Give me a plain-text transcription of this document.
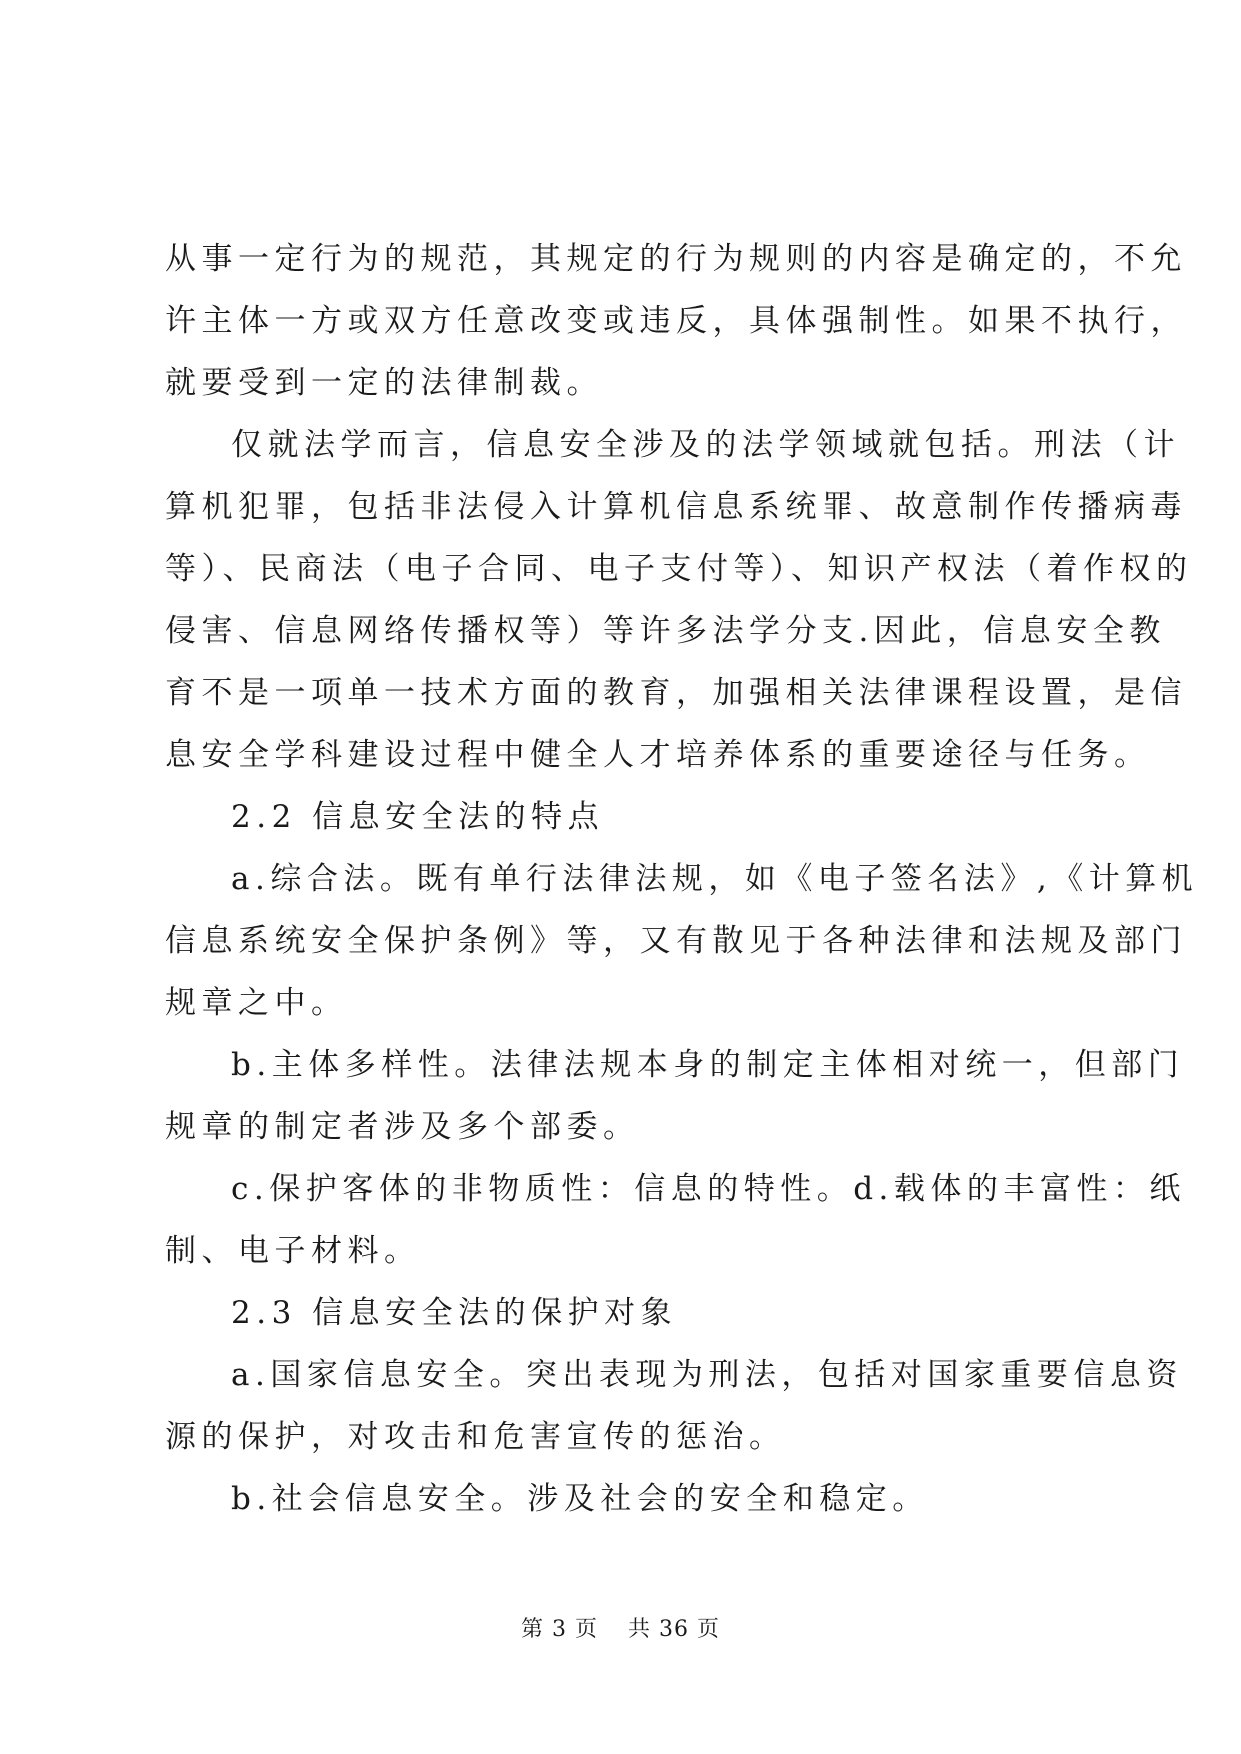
从事一定行为的规范，其规定的行为规则的内容是确定的，不允
许主体一方或双方任意改变或违反，具体强制性。如果不执行，
就要受到一定的法律制裁。
仅就法学而言，信息安全涉及的法学领域就包括。刑法（计
算机犯罪，包括非法侵入计算机信息系统罪、故意制作传播病毒
等）、民商法（电子合同、电子支付等）、知识产权法（着作权的
侵害、信息网络传播权等）等许多法学分支.因此，信息安全教
育不是一项单一技术方面的教育，加强相关法律课程设置，是信
息安全学科建设过程中健全人才培养体系的重要途径与任务。
2.2 信息安全法的特点
a.综合法。既有单行法律法规，如《电子签名法》,《计算机
信息系统安全保护条例》等，又有散见于各种法律和法规及部门
规章之中。
b.主体多样性。法律法规本身的制定主体相对统一，但部门
规章的制定者涉及多个部委。
c.保护客体的非物质性：信息的特性。d.载体的丰富性：纸
制、电子材料。
2.3 信息安全法的保护对象
a.国家信息安全。突出表现为刑法，包括对国家重要信息资
源的保护，对攻击和危害宣传的惩治。
b.社会信息安全。涉及社会的安全和稳定。
第 3 页 共 36 页
